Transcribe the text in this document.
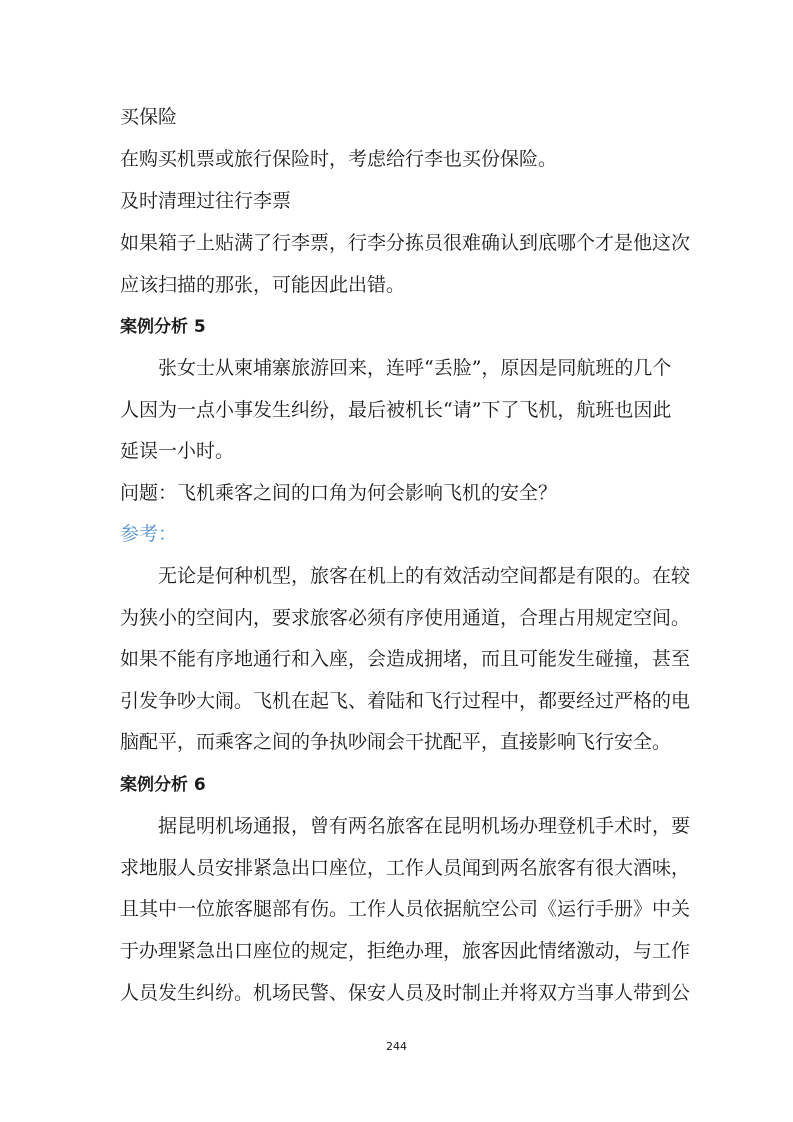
买保险
在购买机票或旅行保险时，考虑给行李也买份保险。
及时清理过往行李票
如果箱子上贴满了行李票，行李分拣员很难确认到底哪个才是他这次
应该扫描的那张，可能因此出错。
案例分析 5
　　张女士从柬埔寨旅游回来，连呼“丢脸”，原因是同航班的几个
人因为一点小事发生纠纷，最后被机长“请”下了飞机，航班也因此
延误一小时。
问题：飞机乘客之间的口角为何会影响飞机的安全？
参考：
　　无论是何种机型，旅客在机上的有效活动空间都是有限的。在较
为狭小的空间内，要求旅客必须有序使用通道，合理占用规定空间。
如果不能有序地通行和入座，会造成拥堵，而且可能发生碰撞，甚至
引发争吵大闹。飞机在起飞、着陆和飞行过程中，都要经过严格的电
脑配平，而乘客之间的争执吵闹会干扰配平，直接影响飞行安全。
案例分析 6
　　据昆明机场通报，曾有两名旅客在昆明机场办理登机手术时，要
求地服人员安排紧急出口座位，工作人员闻到两名旅客有很大酒味，
且其中一位旅客腿部有伤。工作人员依据航空公司《运行手册》中关
于办理紧急出口座位的规定，拒绝办理，旅客因此情绪激动，与工作
人员发生纠纷。机场民警、保安人员及时制止并将双方当事人带到公
244
